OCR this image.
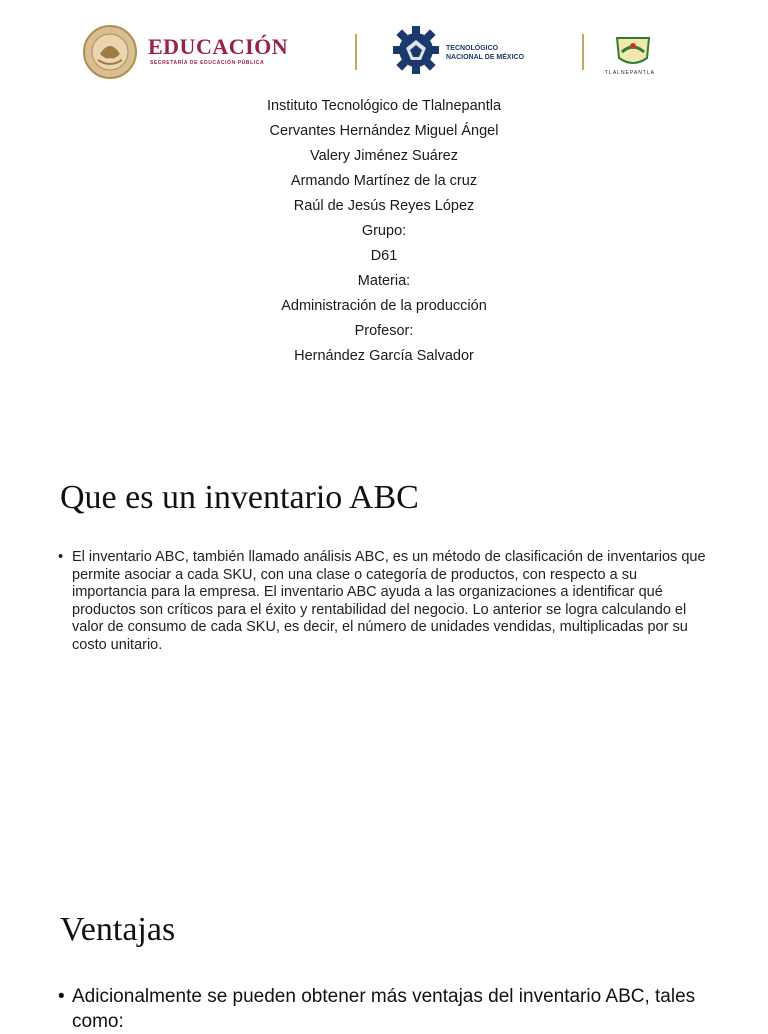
EDUCACIÓN
SECRETARÍA DE EDUCACIÓN PÚBLICA
TECNOLÓGICO
NACIONAL DE MÉXICO
TLALNEPANTLA
Instituto Tecnológico de Tlalnepantla
Cervantes Hernández Miguel Ángel
Valery Jiménez Suárez
Armando Martínez de la cruz
Raúl de Jesús Reyes López
Grupo:
D61
Materia:
Administración de la producción
Profesor:
Hernández García Salvador
Que es un inventario ABC
• El inventario ABC, también llamado análisis ABC, es un método de clasificación de inventarios que permite asociar a cada SKU, con una clase o categoría de productos, con respecto a su importancia para la empresa. El inventario ABC ayuda a las organizaciones a identificar qué productos son críticos para el éxito y rentabilidad del negocio. Lo anterior se logra calculando el valor de consumo de cada SKU, es decir, el número de unidades vendidas, multiplicadas por su costo unitario.
Ventajas
• Adicionalmente se pueden obtener más ventajas del inventario ABC, tales como:
